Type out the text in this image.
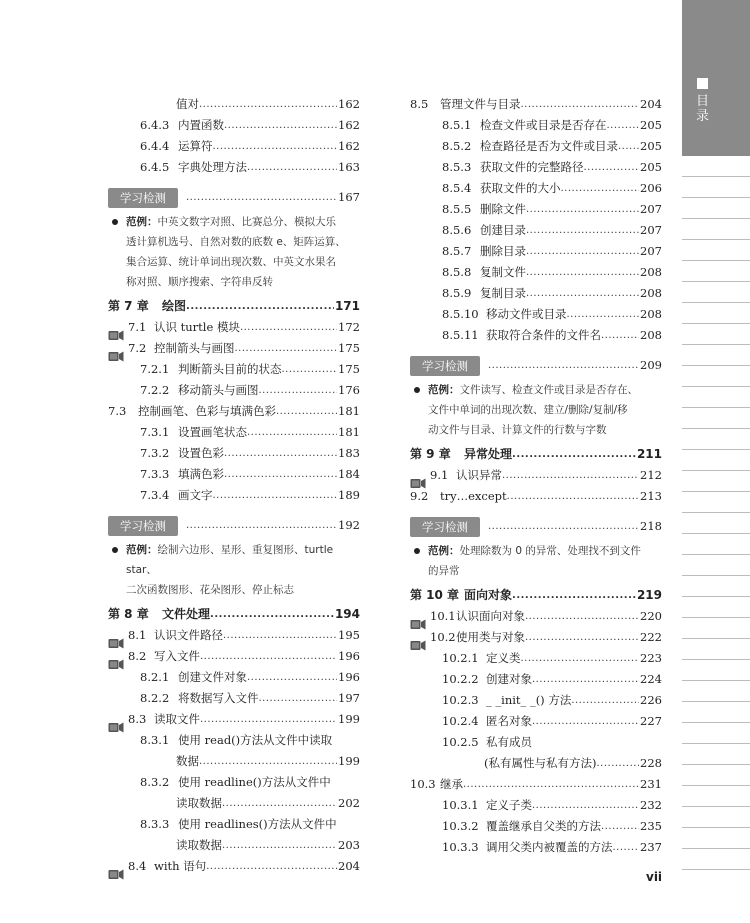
值对 .....	162
6.4.3 内置函数 .....	162
6.4.4 运算符 .....	162
6.4.5 字典处理方法 .....	163
学习检测 .....	167
范例：中英文数字对照、比赛总分、模拟大乐
透计算机选号、自然对数的底数 e、矩阵运算、
集合运算、统计单词出现次数、中英文水果名
称对照、顺序搜索、字符串反转
第 7 章	绘图 .....	171
7.1 认识 turtle 模块 .....	172
7.2 控制箭头与画图 .....	175
7.2.1 判断箭头目前的状态 .....	175
7.2.2 移动箭头与画图 .....	176
7.3	控制画笔、色彩与填满色彩 .....	181
7.3.1 设置画笔状态 .....	181
7.3.2 设置色彩 .....	183
7.3.3 填满色彩 .....	184
7.3.4 画文字 .....	189
学习检测 .....	192
范例：绘制六边形、星形、重复图形、turtle star、
二次函数图形、花朵图形、停止标志
第 8 章	文件处理 .....	194
8.1 认识文件路径 .....	195
8.2 写入文件 .....	196
8.2.1 创建文件对象 .....	196
8.2.2 将数据写入文件 .....	197
8.3 读取文件 .....	199
8.3.1 使用 read()方法从文件中读取
数据 .....	199
8.3.2 使用 readline()方法从文件中
读取数据 .....	202
8.3.3 使用 readlines()方法从文件中
读取数据 .....	203
8.4 with 语句 .....	204
8.5	管理文件与目录 .....	204
8.5.1 检查文件或目录是否存在 .....	205
8.5.2 检查路径是否为文件或目录 ..... 205
8.5.3 获取文件的完整路径 .....	205
8.5.4 获取文件的大小 .....	206
8.5.5 删除文件 .....	207
8.5.6 创建目录 .....	207
8.5.7 删除目录 .....	207
8.5.8 复制文件 .....	208
8.5.9 复制目录 .....	208
8.5.10 移动文件或目录 .....	208
8.5.11 获取符合条件的文件名 .....	208
学习检测 .....	209
范例：文件读写、检查文件或目录是否存在、
文件中单词的出现次数、建立/删除/复制/移
动文件与目录、计算文件的行数与字数
第 9 章	异常处理 .....	211
9.1 认识异常 .....	212
9.2	try…except .....	213
学习检测 .....	218
范例：处理除数为 0 的异常、处理找不到文件
的异常
第 10 章 面向对象 .....	219
10.1 认识面向对象 .....	220
10.2 使用类与对象 .....	222
10.2.1 定义类 .....	223
10.2.2 创建对象 .....	224
10.2.3 _ _init_ _() 方法 .....	226
10.2.4 匿名对象 .....	227
10.2.5 私有成员
(私有属性与私有方法) .....	228
10.3 继承 .....	231
10.3.1 定义子类 .....	232
10.3.2 覆盖继承自父类的方法 .....	235
10.3.3 调用父类内被覆盖的方法 ..... 237
目录
vii
